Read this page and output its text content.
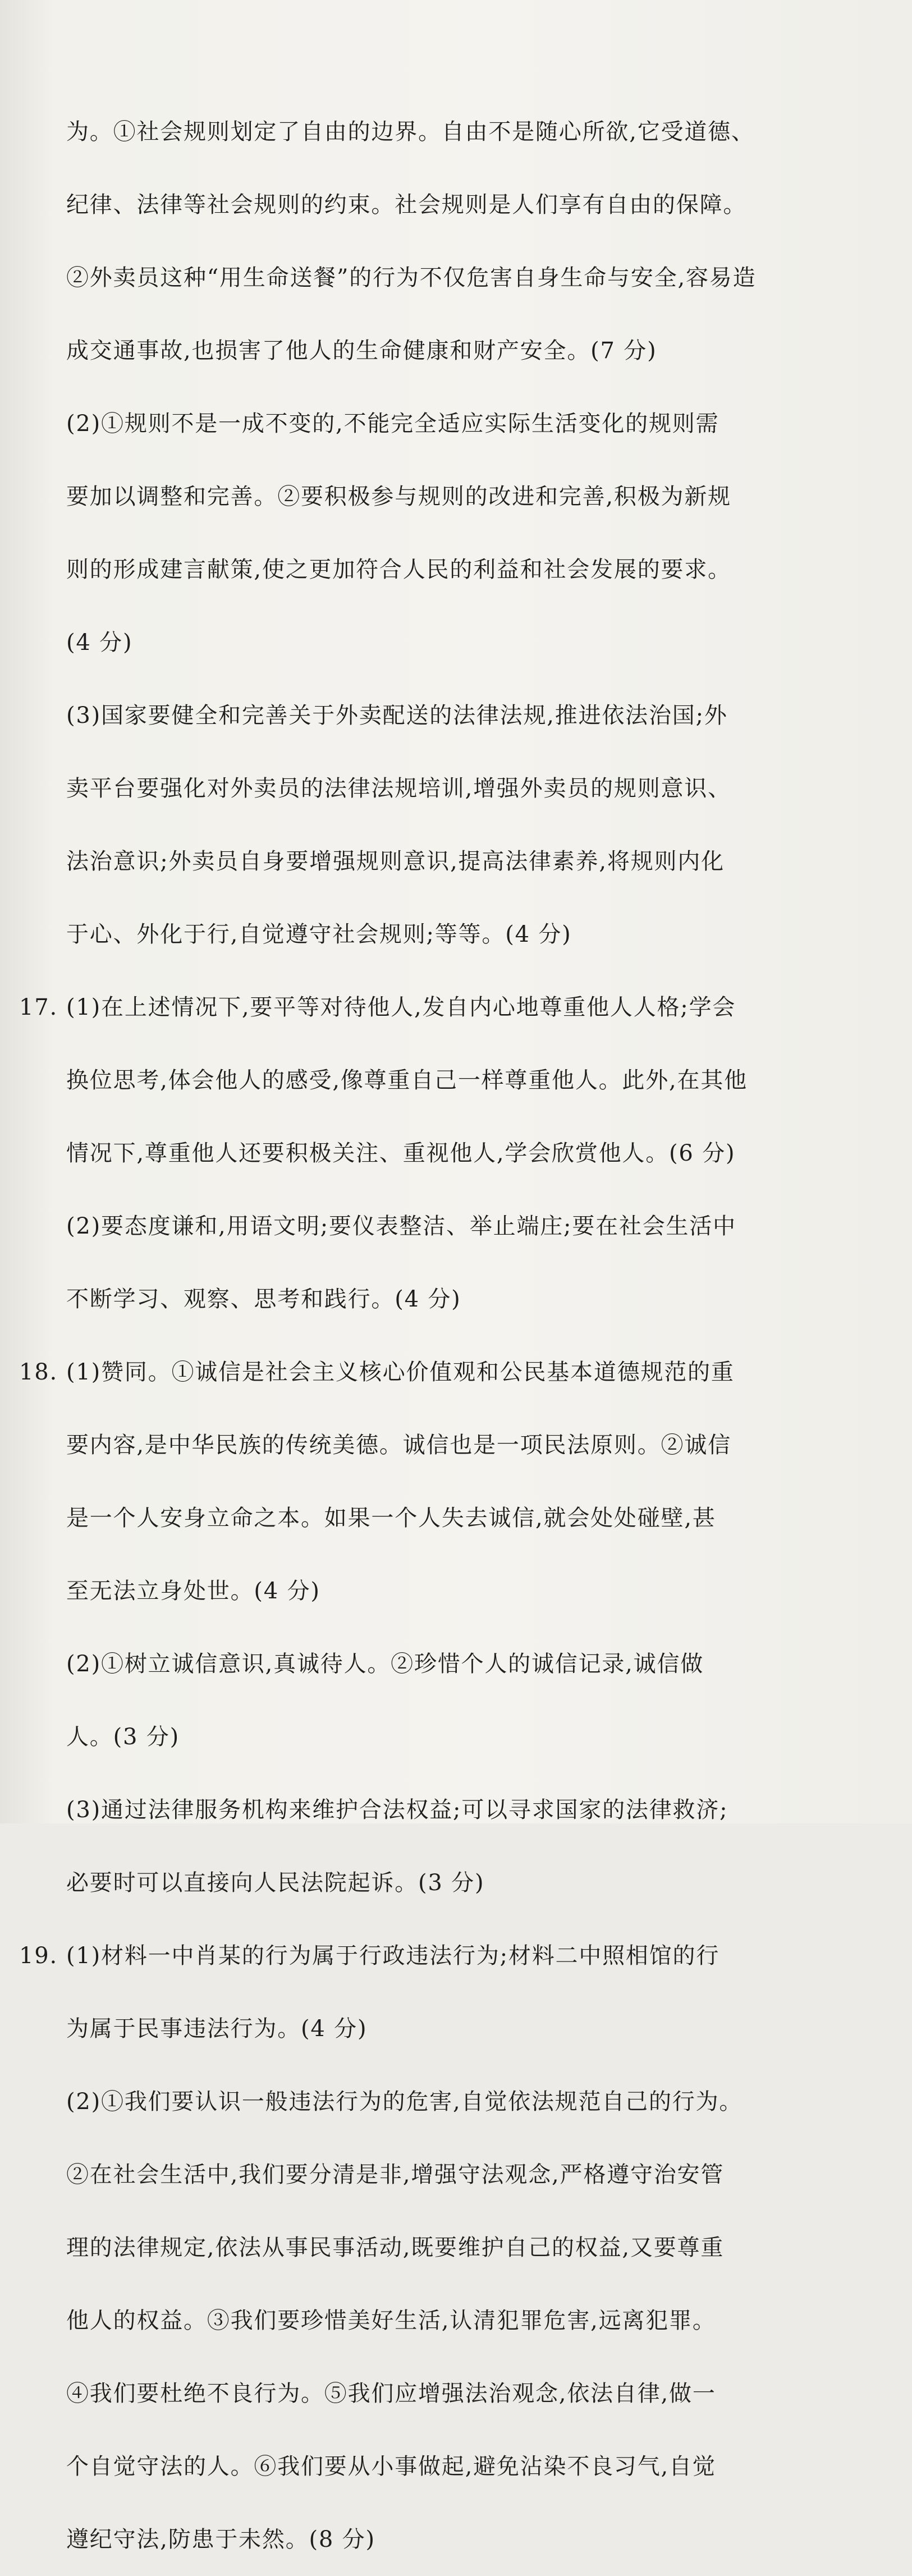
为。①社会规则划定了自由的边界。自由不是随心所欲,它受道德、
纪律、法律等社会规则的约束。社会规则是人们享有自由的保障。
②外卖员这种“用生命送餐”的行为不仅危害自身生命与安全,容易造
成交通事故,也损害了他人的生命健康和财产安全。(7 分)
(2)①规则不是一成不变的,不能完全适应实际生活变化的规则需
要加以调整和完善。②要积极参与规则的改进和完善,积极为新规
则的形成建言献策,使之更加符合人民的利益和社会发展的要求。
(4 分)
(3)国家要健全和完善关于外卖配送的法律法规,推进依法治国;外
卖平台要强化对外卖员的法律法规培训,增强外卖员的规则意识、
法治意识;外卖员自身要增强规则意识,提高法律素养,将规则内化
于心、外化于行,自觉遵守社会规则;等等。(4 分)
17. (1)在上述情况下,要平等对待他人,发自内心地尊重他人人格;学会
换位思考,体会他人的感受,像尊重自己一样尊重他人。此外,在其他
情况下,尊重他人还要积极关注、重视他人,学会欣赏他人。(6 分)
(2)要态度谦和,用语文明;要仪表整洁、举止端庄;要在社会生活中
不断学习、观察、思考和践行。(4 分)
18. (1)赞同。①诚信是社会主义核心价值观和公民基本道德规范的重
要内容,是中华民族的传统美德。诚信也是一项民法原则。②诚信
是一个人安身立命之本。如果一个人失去诚信,就会处处碰壁,甚
至无法立身处世。(4 分)
(2)①树立诚信意识,真诚待人。②珍惜个人的诚信记录,诚信做
人。(3 分)
(3)通过法律服务机构来维护合法权益;可以寻求国家的法律救济;
必要时可以直接向人民法院起诉。(3 分)
19. (1)材料一中肖某的行为属于行政违法行为;材料二中照相馆的行
为属于民事违法行为。(4 分)
(2)①我们要认识一般违法行为的危害,自觉依法规范自己的行为。
②在社会生活中,我们要分清是非,增强守法观念,严格遵守治安管
理的法律规定,依法从事民事活动,既要维护自己的权益,又要尊重
他人的权益。③我们要珍惜美好生活,认清犯罪危害,远离犯罪。
④我们要杜绝不良行为。⑤我们应增强法治观念,依法自律,做一
个自觉守法的人。⑥我们要从小事做起,避免沾染不良习气,自觉
遵纪守法,防患于未然。(8 分)
